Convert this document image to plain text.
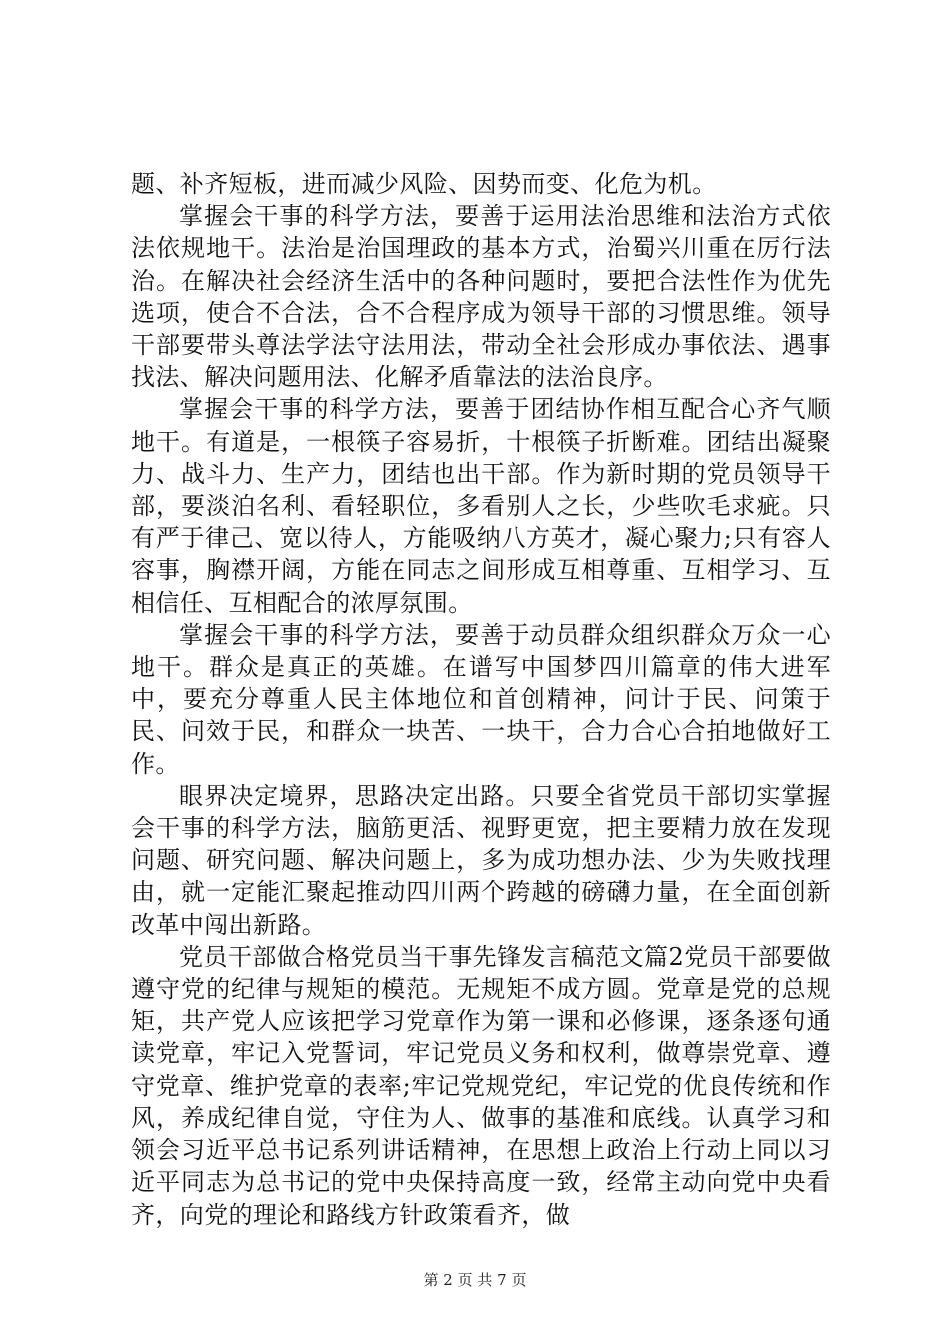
题、补齐短板，进而减少风险、因势而变、化危为机。

掌握会干事的科学方法，要善于运用法治思维和法治方式依法依规地干。法治是治国理政的基本方式，治蜀兴川重在厉行法治。在解决社会经济生活中的各种问题时，要把合法性作为优先选项，使合不合法，合不合程序成为领导干部的习惯思维。领导干部要带头尊法学法守法用法，带动全社会形成办事依法、遇事找法、解决问题用法、化解矛盾靠法的法治良序。

掌握会干事的科学方法，要善于团结协作相互配合心齐气顺地干。有道是，一根筷子容易折，十根筷子折断难。团结出凝聚力、战斗力、生产力，团结也出干部。作为新时期的党员领导干部，要淡泊名利、看轻职位，多看别人之长，少些吹毛求疵。只有严于律己、宽以待人，方能吸纳八方英才，凝心聚力;只有容人容事，胸襟开阔，方能在同志之间形成互相尊重、互相学习、互相信任、互相配合的浓厚氛围。

掌握会干事的科学方法，要善于动员群众组织群众万众一心地干。群众是真正的英雄。在谱写中国梦四川篇章的伟大进军中，要充分尊重人民主体地位和首创精神，问计于民、问策于民、问效于民，和群众一块苦、一块干，合力合心合拍地做好工作。

眼界决定境界，思路决定出路。只要全省党员干部切实掌握会干事的科学方法，脑筋更活、视野更宽，把主要精力放在发现问题、研究问题、解决问题上，多为成功想办法、少为失败找理由，就一定能汇聚起推动四川两个跨越的磅礴力量，在全面创新改革中闯出新路。

党员干部做合格党员当干事先锋发言稿范文篇2党员干部要做遵守党的纪律与规矩的模范。无规矩不成方圆。党章是党的总规矩，共产党人应该把学习党章作为第一课和必修课，逐条逐句通读党章，牢记入党誓词，牢记党员义务和权利，做尊崇党章、遵守党章、维护党章的表率;牢记党规党纪，牢记党的优良传统和作风，养成纪律自觉，守住为人、做事的基准和底线。认真学习和领会习近平总书记系列讲话精神，在思想上政治上行动上同以习近平同志为总书记的党中央保持高度一致，经常主动向党中央看齐，向党的理论和路线方针政策看齐，做

第 2 页 共 7 页
